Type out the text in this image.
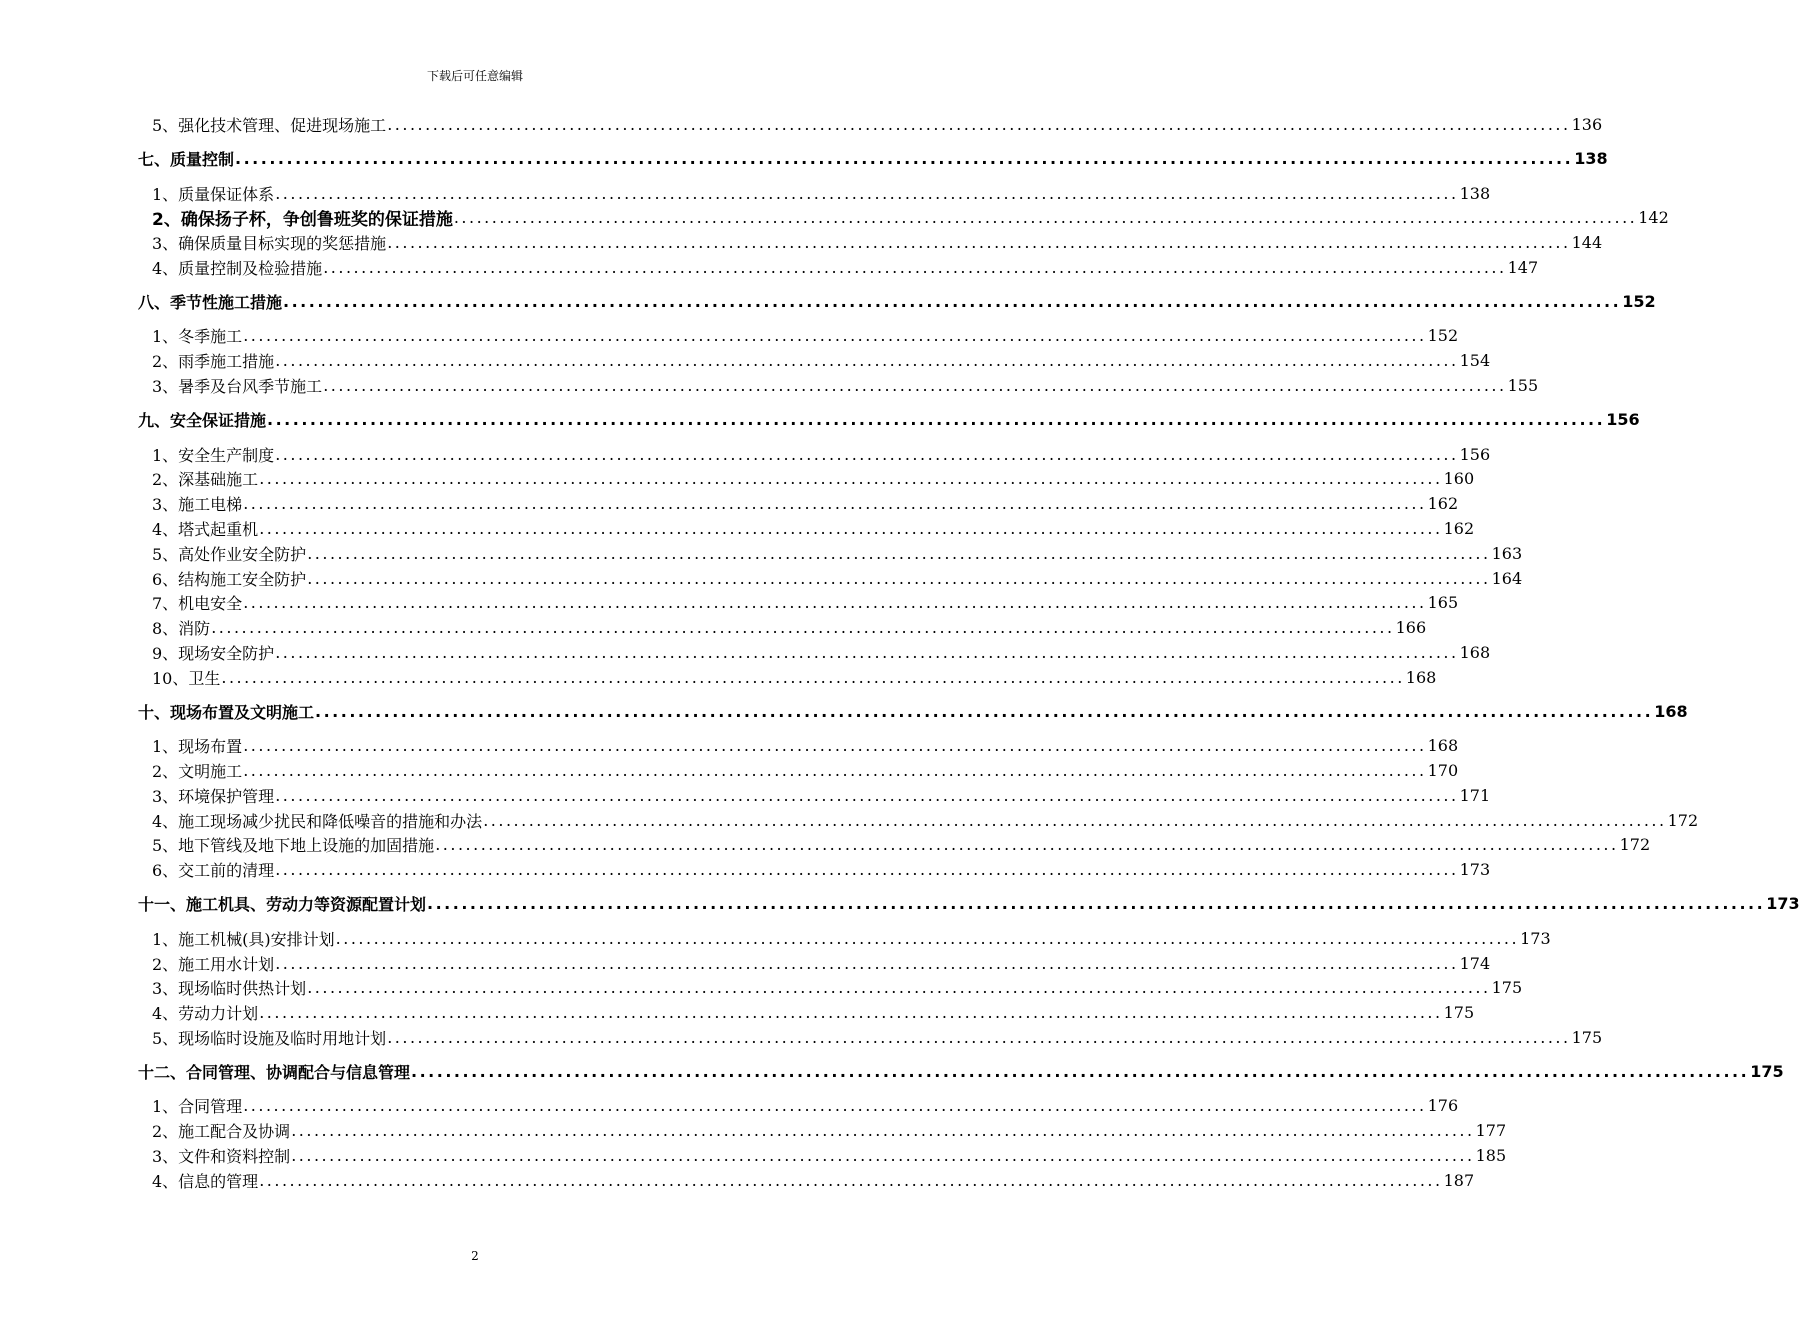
下载后可任意编辑
5、强化技术管理、促进现场施工 ............................................................................................................................................................ 136
七、质量控制 ............................................................................................................................................................ 138
1、质量保证体系 ............................................................................................................................................................ 138
2、确保扬子杯，争创鲁班奖的保证措施 ............................................................................................................................................................ 142
3、确保质量目标实现的奖惩措施 ............................................................................................................................................................ 144
4、质量控制及检验措施 ............................................................................................................................................................ 147
八、季节性施工措施 ............................................................................................................................................................ 152
1、冬季施工 ............................................................................................................................................................ 152
2、雨季施工措施 ............................................................................................................................................................ 154
3、暑季及台风季节施工 ............................................................................................................................................................ 155
九、安全保证措施 ............................................................................................................................................................ 156
1、安全生产制度 ............................................................................................................................................................ 156
2、深基础施工 ............................................................................................................................................................ 160
3、施工电梯 ............................................................................................................................................................ 162
4、塔式起重机 ............................................................................................................................................................ 162
5、高处作业安全防护 ............................................................................................................................................................ 163
6、结构施工安全防护 ............................................................................................................................................................ 164
7、机电安全 ............................................................................................................................................................ 165
8、消防 ............................................................................................................................................................ 166
9、现场安全防护 ............................................................................................................................................................ 168
10、卫生 ............................................................................................................................................................ 168
十、现场布置及文明施工 ............................................................................................................................................................ 168
1、现场布置 ............................................................................................................................................................ 168
2、文明施工 ............................................................................................................................................................ 170
3、环境保护管理 ............................................................................................................................................................ 171
4、施工现场减少扰民和降低噪音的措施和办法 ............................................................................................................................................................ 172
5、地下管线及地下地上设施的加固措施 ............................................................................................................................................................ 172
6、交工前的清理 ............................................................................................................................................................ 173
十一、施工机具、劳动力等资源配置计划 ............................................................................................................................................................ 173
1、施工机械(具)安排计划 ............................................................................................................................................................ 173
2、施工用水计划 ............................................................................................................................................................ 174
3、现场临时供热计划 ............................................................................................................................................................ 175
4、劳动力计划 ............................................................................................................................................................ 175
5、现场临时设施及临时用地计划 ............................................................................................................................................................ 175
十二、合同管理、协调配合与信息管理 ............................................................................................................................................................ 175
1、合同管理 ............................................................................................................................................................ 176
2、施工配合及协调 ............................................................................................................................................................ 177
3、文件和资料控制 ............................................................................................................................................................ 185
4、信息的管理 ............................................................................................................................................................ 187
2
